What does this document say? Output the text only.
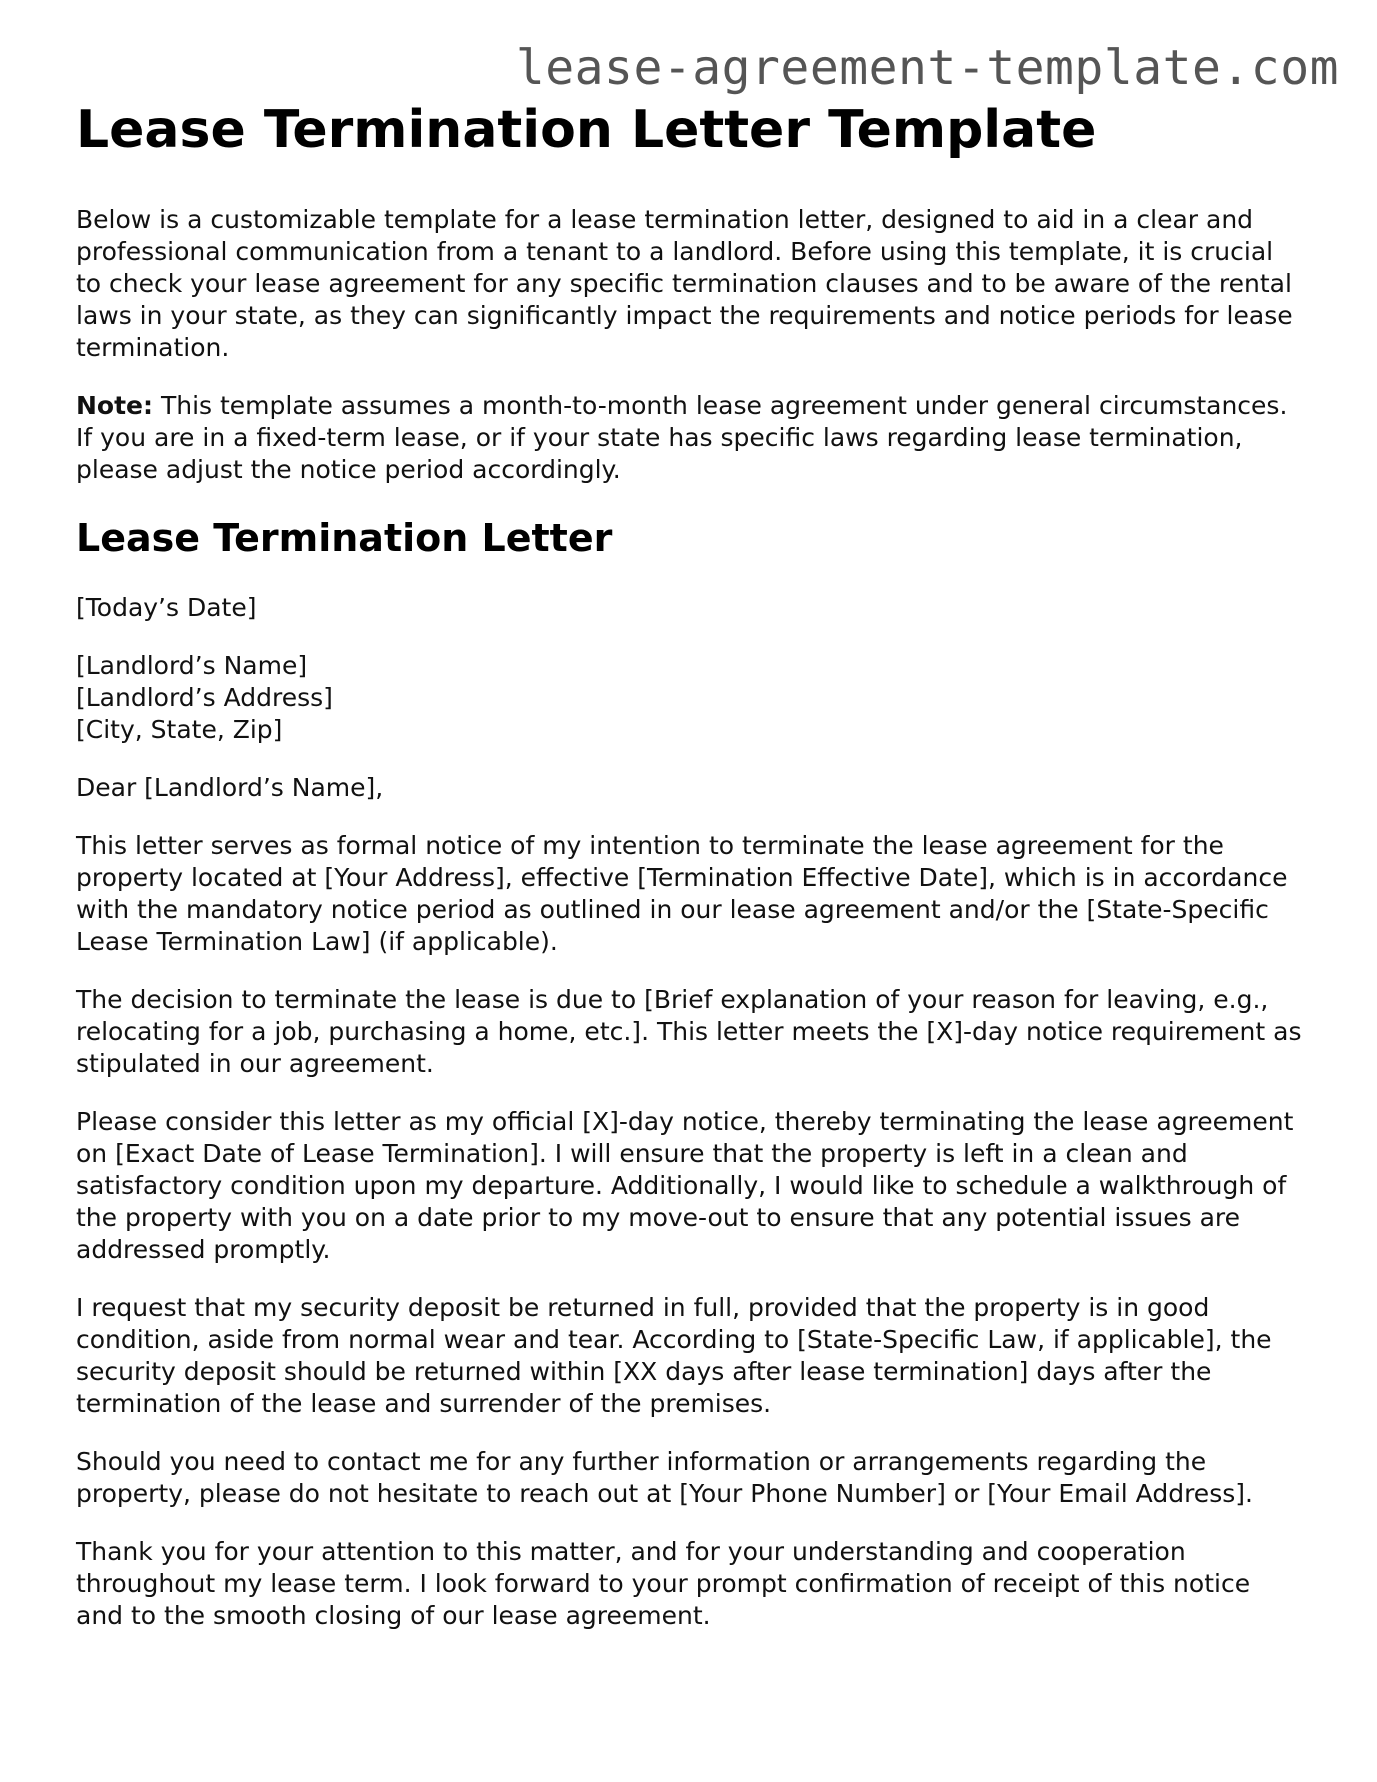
lease-agreement-template.com

Lease Termination Letter Template

Below is a customizable template for a lease termination letter, designed to aid in a clear and professional communication from a tenant to a landlord. Before using this template, it is crucial to check your lease agreement for any specific termination clauses and to be aware of the rental laws in your state, as they can significantly impact the requirements and notice periods for lease termination.

Note: This template assumes a month-to-month lease agreement under general circumstances. If you are in a fixed-term lease, or if your state has specific laws regarding lease termination, please adjust the notice period accordingly.

Lease Termination Letter

[Today’s Date]

[Landlord’s Name]
[Landlord’s Address]
[City, State, Zip]

Dear [Landlord’s Name],

This letter serves as formal notice of my intention to terminate the lease agreement for the property located at [Your Address], effective [Termination Effective Date], which is in accordance with the mandatory notice period as outlined in our lease agreement and/or the [State-Specific Lease Termination Law] (if applicable).

The decision to terminate the lease is due to [Brief explanation of your reason for leaving, e.g., relocating for a job, purchasing a home, etc.]. This letter meets the [X]-day notice requirement as stipulated in our agreement.

Please consider this letter as my official [X]-day notice, thereby terminating the lease agreement on [Exact Date of Lease Termination]. I will ensure that the property is left in a clean and satisfactory condition upon my departure. Additionally, I would like to schedule a walkthrough of the property with you on a date prior to my move-out to ensure that any potential issues are addressed promptly.

I request that my security deposit be returned in full, provided that the property is in good condition, aside from normal wear and tear. According to [State-Specific Law, if applicable], the security deposit should be returned within [XX days after lease termination] days after the termination of the lease and surrender of the premises.

Should you need to contact me for any further information or arrangements regarding the property, please do not hesitate to reach out at [Your Phone Number] or [Your Email Address].

Thank you for your attention to this matter, and for your understanding and cooperation throughout my lease term. I look forward to your prompt confirmation of receipt of this notice and to the smooth closing of our lease agreement.
